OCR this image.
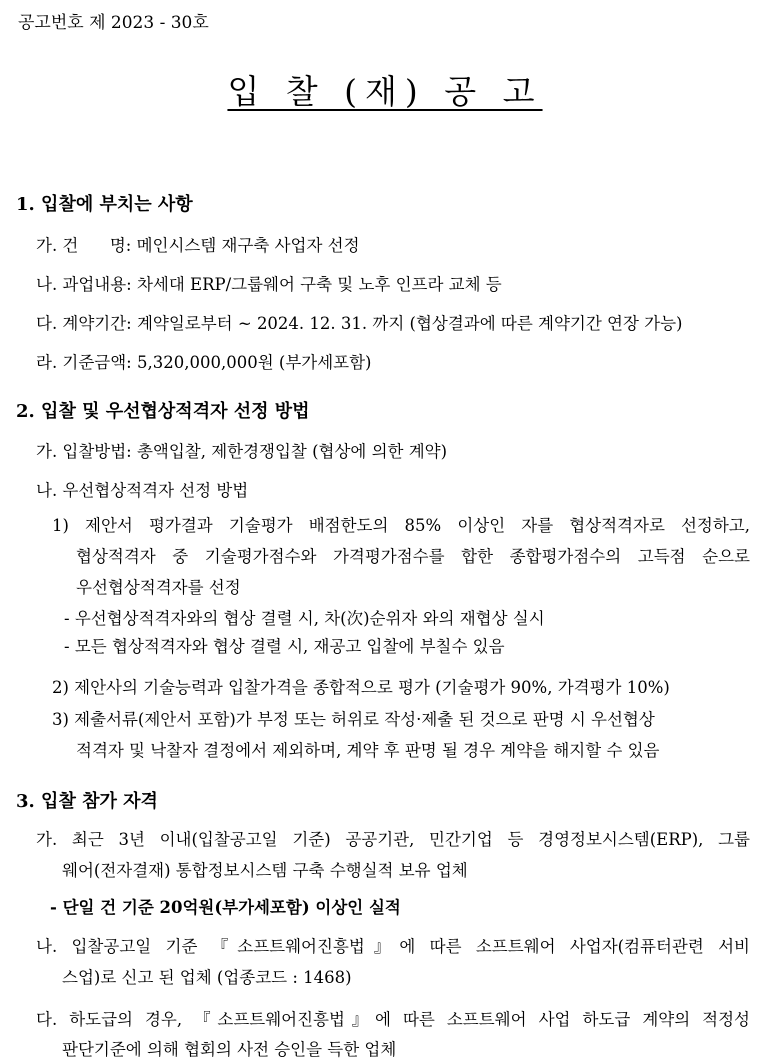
공고번호 제 2023 - 30호
입 찰 (재) 공 고
1. 입찰에 부치는 사항
가. 건      명: 메인시스템 재구축 사업자 선정
나. 과업내용: 차세대 ERP/그룹웨어 구축 및 노후 인프라 교체 등
다. 계약기간: 계약일로부터 ~ 2024. 12. 31. 까지 (협상결과에 따른 계약기간 연장 가능)
라. 기준금액: 5,320,000,000원 (부가세포함)
2. 입찰 및 우선협상적격자 선정 방법
가. 입찰방법: 총액입찰, 제한경쟁입찰 (협상에 의한 계약)
나. 우선협상적격자 선정 방법
1) 제안서 평가결과 기술평가 배점한도의 85% 이상인 자를 협상적격자로 선정하고,
협상적격자 중 기술평가점수와 가격평가점수를 합한 종합평가점수의 고득점 순으로
우선협상적격자를 선정
- 우선협상적격자와의 협상 결렬 시, 차(次)순위자 와의 재협상 실시
- 모든 협상적격자와 협상 결렬 시, 재공고 입찰에 부칠수 있음
2) 제안사의 기술능력과 입찰가격을 종합적으로 평가 (기술평가 90%, 가격평가 10%)
3) 제출서류(제안서 포함)가 부정 또는 허위로 작성·제출 된 것으로 판명 시 우선협상
적격자 및 낙찰자 결정에서 제외하며, 계약 후 판명 될 경우 계약을 해지할 수 있음
3. 입찰 참가 자격
가. 최근 3년 이내(입찰공고일 기준) 공공기관, 민간기업 등 경영정보시스템(ERP), 그룹
웨어(전자결재) 통합정보시스템 구축 수행실적 보유 업체
- 단일 건 기준 20억원(부가세포함) 이상인 실적
나. 입찰공고일 기준 『소프트웨어진흥법』에 따른 소프트웨어 사업자(컴퓨터관련 서비
스업)로 신고 된 업체 (업종코드 : 1468)
다. 하도급의 경우, 『소프트웨어진흥법』에 따른 소프트웨어 사업 하도급 계약의 적정성
판단기준에 의해 협회의 사전 승인을 득한 업체
